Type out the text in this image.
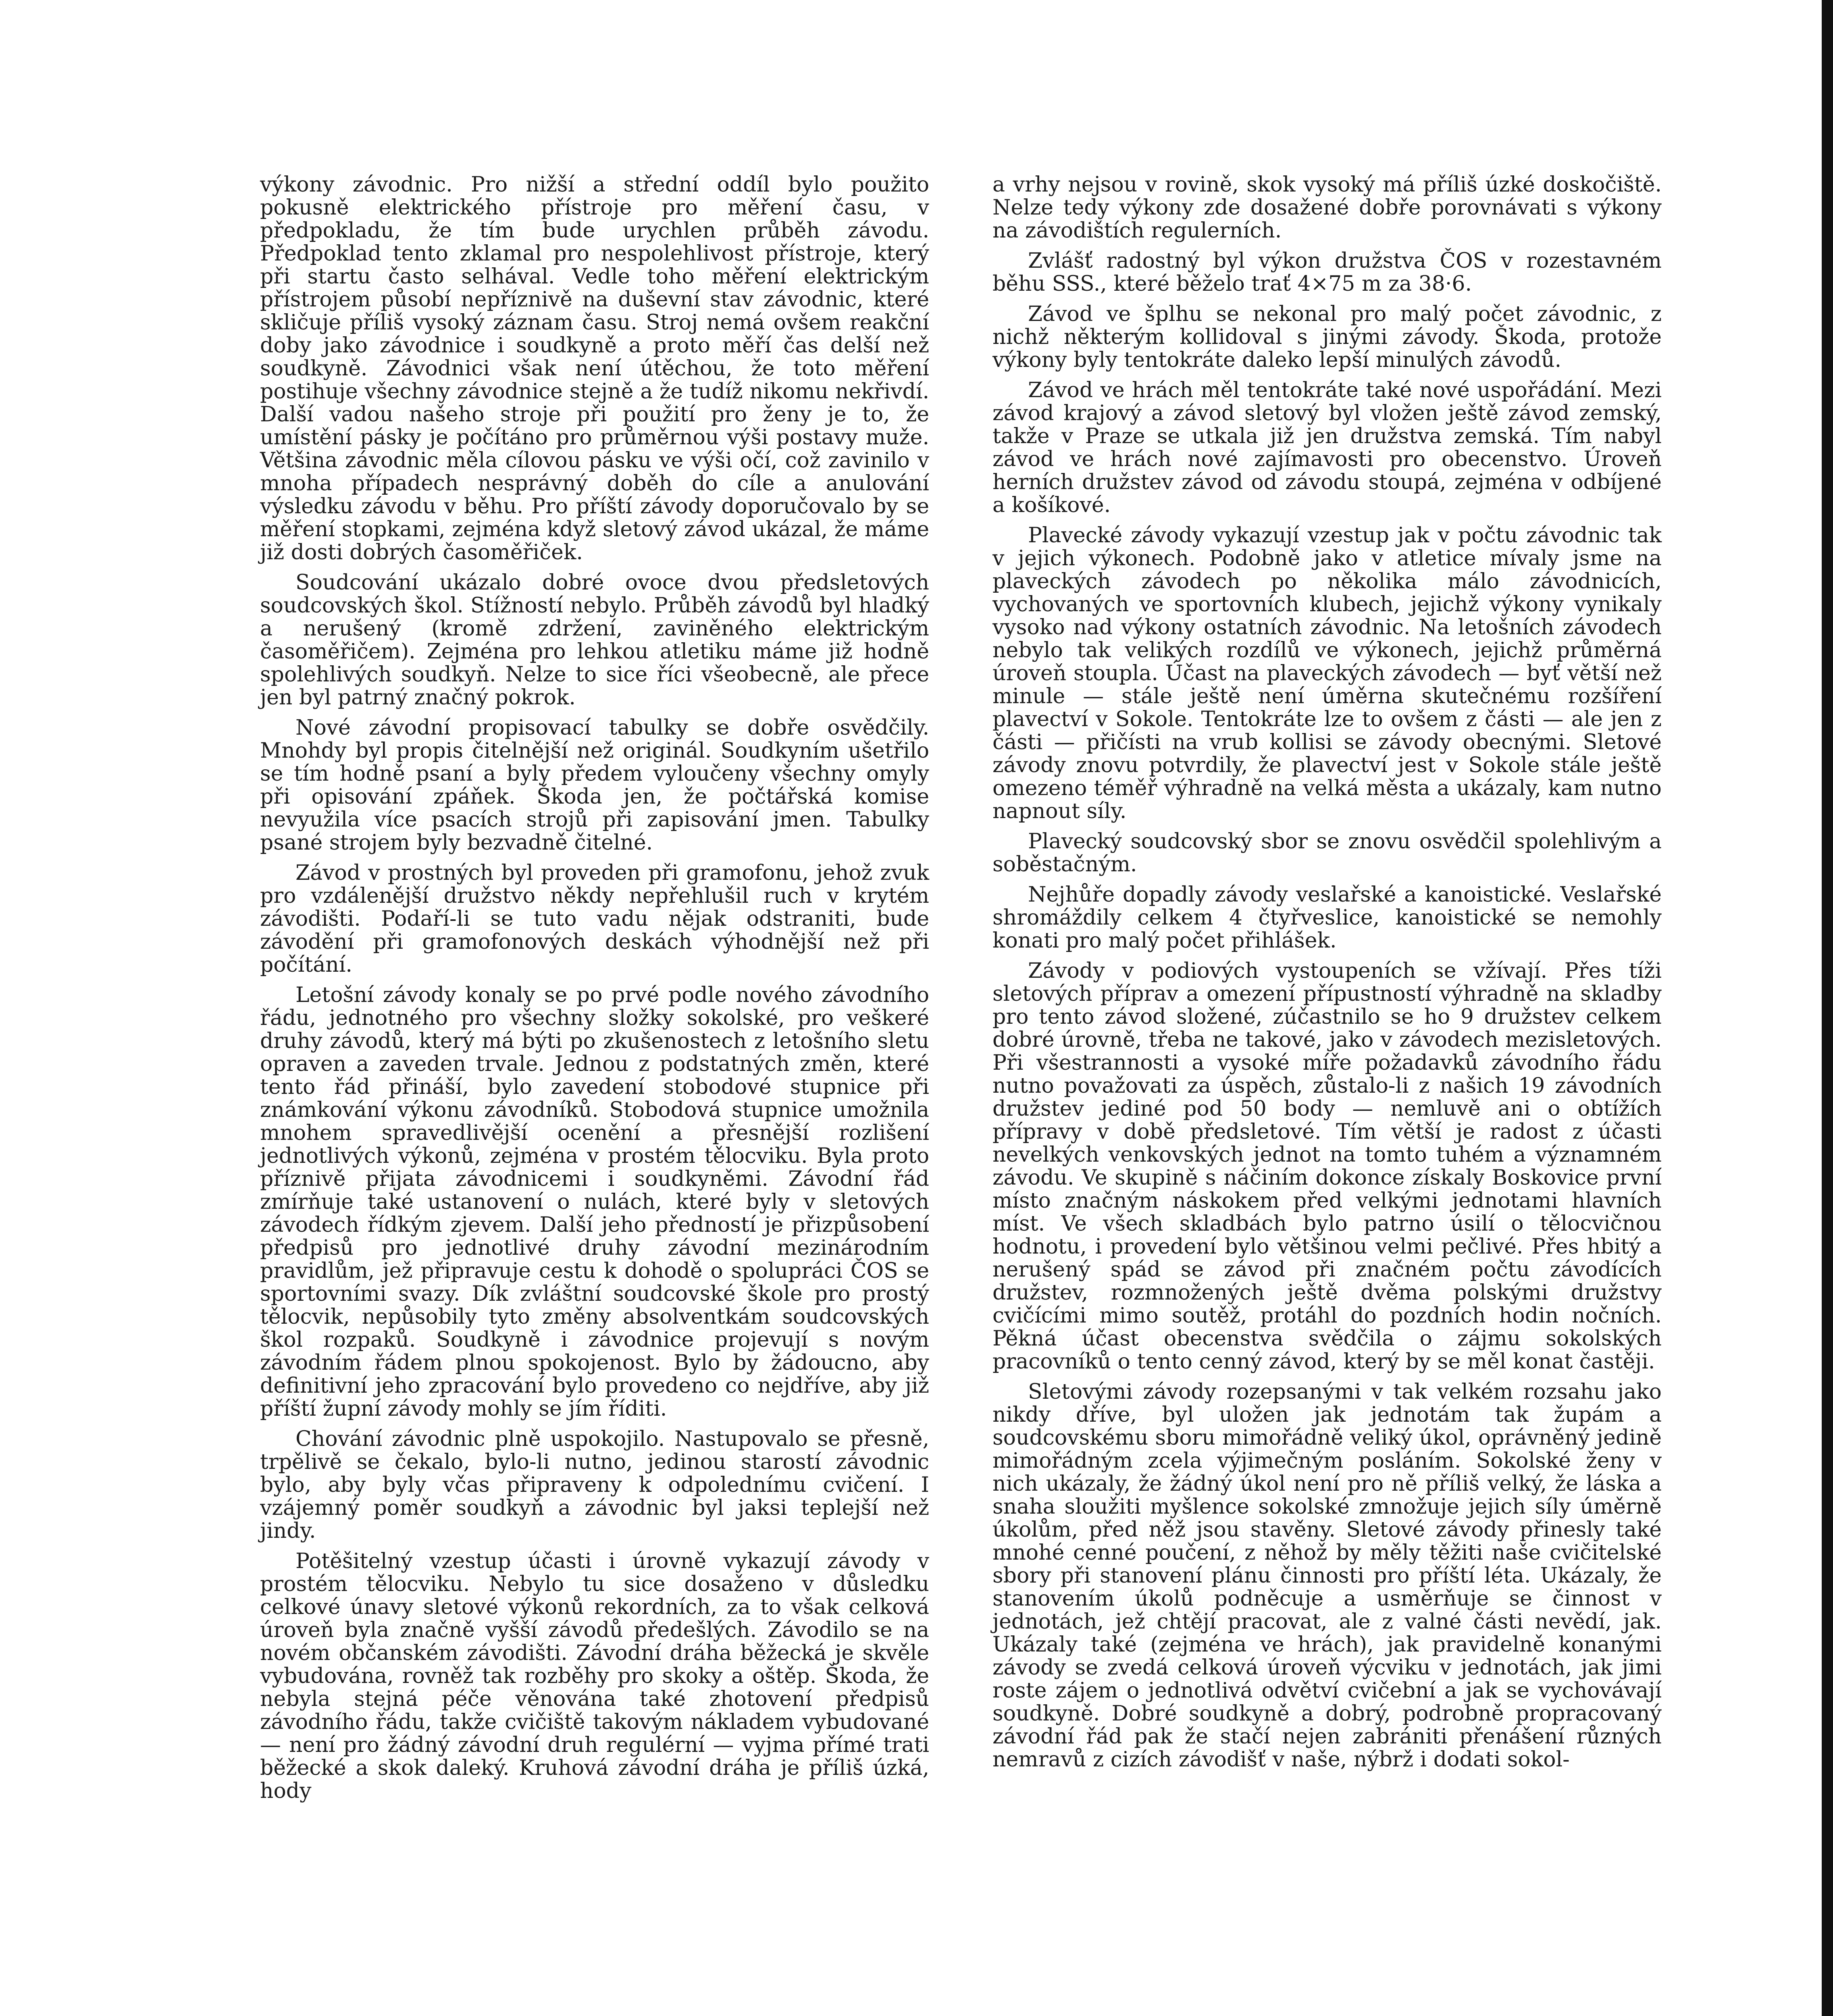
výkony závodnic. Pro nižší a střední oddíl bylo použito pokusně elektrického přístroje pro měření času, v předpokladu, že tím bude urychlen průběh závodu. Předpoklad tento zklamal pro nespolehlivost přístroje, který při startu často selhával. Vedle toho měření elektrickým přístrojem působí nepříznivě na duševní stav závodnic, které skličuje příliš vysoký záznam času. Stroj nemá ovšem reakční doby jako závodnice i soudkyně a proto měří čas delší než soudkyně. Závodnici však není útěchou, že toto měření postihuje všechny závodnice stejně a že tudíž nikomu nekřivdí. Další vadou našeho stroje při použití pro ženy je to, že umístění pásky je počítáno pro průměrnou výši postavy muže. Většina závodnic měla cílovou pásku ve výši očí, což zavinilo v mnoha případech nesprávný doběh do cíle a anulování výsledku závodu v běhu. Pro příští závody doporučovalo by se měření stopkami, zejména když sletový závod ukázal, že máme již dosti dobrých časoměřiček.

Soudcování ukázalo dobré ovoce dvou předsletových soudcovských škol. Stížností nebylo. Průběh závodů byl hladký a nerušený (kromě zdržení, zaviněného elektrickým časoměřičem). Zejména pro lehkou atletiku máme již hodně spolehlivých soudkyň. Nelze to sice říci všeobecně, ale přece jen byl patrný značný pokrok.

Nové závodní propisovací tabulky se dobře osvědčily. Mnohdy byl propis čitelnější než originál. Soudkyním ušetřilo se tím hodně psaní a byly předem vyloučeny všechny omyly při opisování zpáňek. Škoda jen, že počtářská komise nevyužila více psacích strojů při zapisování jmen. Tabulky psané strojem byly bezvadně čitelné.

Závod v prostných byl proveden při gramofonu, jehož zvuk pro vzdálenější družstvo někdy nepřehlušil ruch v krytém závodišti. Podaří-li se tuto vadu nějak odstraniti, bude závodění při gramofonových deskách výhodnější než při počítání.

Letošní závody konaly se po prvé podle nového závodního řádu, jednotného pro všechny složky sokolské, pro veškeré druhy závodů, který má býti po zkušenostech z letošního sletu opraven a zaveden trvale. Jednou z podstatných změn, které tento řád přináší, bylo zavedení stobodové stupnice při známkování výkonu závodníků. Stobodová stupnice umožnila mnohem spravedlivější ocenění a přesnější rozlišení jednotlivých výkonů, zejména v prostém tělocviku. Byla proto příznivě přijata závodnicemi i soudkyněmi. Závodní řád zmírňuje také ustanovení o nulách, které byly v sletových závodech řídkým zjevem. Další jeho předností je přizpůsobení předpisů pro jednotlivé druhy závodní mezinárodním pravidlům, jež připravuje cestu k dohodě o spolupráci ČOS se sportovními svazy. Dík zvláštní soudcovské škole pro prostý tělocvik, nepůsobily tyto změny absolventkám soudcovských škol rozpaků. Soudkyně i závodnice projevují s novým závodním řádem plnou spokojenost. Bylo by žádoucno, aby definitivní jeho zpracování bylo provedeno co nejdříve, aby již příští župní závody mohly se jím říditi.

Chování závodnic plně uspokojilo. Nastupovalo se přesně, trpělivě se čekalo, bylo-li nutno, jedinou starostí závodnic bylo, aby byly včas připraveny k odpolednímu cvičení. I vzájemný poměr soudkyň a závodnic byl jaksi teplejší než jindy.

Potěšitelný vzestup účasti i úrovně vykazují závody v prostém tělocviku. Nebylo tu sice dosaženo v důsledku celkové únavy sletové výkonů rekordních, za to však celková úroveň byla značně vyšší závodů předešlých. Závodilo se na novém občanském závodišti. Závodní dráha běžecká je skvěle vybudována, rovněž tak rozběhy pro skoky a oštěp. Škoda, že nebyla stejná péče věnována také zhotovení předpisů závodního řádu, takže cvičiště takovým nákladem vybudované — není pro žádný závodní druh regulérní — vyjma přímé trati běžecké a skok daleký. Kruhová závodní dráha je příliš úzká, hody

a vrhy nejsou v rovině, skok vysoký má příliš úzké doskočiště. Nelze tedy výkony zde dosažené dobře porovnávati s výkony na závodištích regulerních.

Zvlášť radostný byl výkon družstva ČOS v rozestavném běhu SSS., které běželo trať 4×75 m za 38·6.

Závod ve šplhu se nekonal pro malý počet závodnic, z nichž některým kollidoval s jinými závody. Škoda, protože výkony byly tentokráte daleko lepší minulých závodů.

Závod ve hrách měl tentokráte také nové uspořádání. Mezi závod krajový a závod sletový byl vložen ještě závod zemský, takže v Praze se utkala již jen družstva zemská. Tím nabyl závod ve hrách nové zajímavosti pro obecenstvo. Úroveň herních družstev závod od závodu stoupá, zejména v odbíjené a košíkové.

Plavecké závody vykazují vzestup jak v počtu závodnic tak v jejich výkonech. Podobně jako v atletice mívaly jsme na plaveckých závodech po několika málo závodnicích, vychovaných ve sportovních klubech, jejichž výkony vynikaly vysoko nad výkony ostatních závodnic. Na letošních závodech nebylo tak velikých rozdílů ve výkonech, jejichž průměrná úroveň stoupla. Účast na plaveckých závodech — byť větší než minule — stále ještě není úměrna skutečnému rozšíření plavectví v Sokole. Tentokráte lze to ovšem z části — ale jen z části — přičísti na vrub kollisi se závody obecnými. Sletové závody znovu potvrdily, že plavectví jest v Sokole stále ještě omezeno téměř výhradně na velká města a ukázaly, kam nutno napnout síly.

Plavecký soudcovský sbor se znovu osvědčil spolehlivým a soběstačným.

Nejhůře dopadly závody veslařské a kanoistické. Veslařské shromáždily celkem 4 čtyřveslice, kanoistické se nemohly konati pro malý počet přihlášek.

Závody v podiových vystoupeních se vžívají. Přes tíži sletových příprav a omezení přípustností výhradně na skladby pro tento závod složené, zúčastnilo se ho 9 družstev celkem dobré úrovně, třeba ne takové, jako v závodech mezisletových. Při všestrannosti a vysoké míře požadavků závodního řádu nutno považovati za úspěch, zůstalo-li z našich 19 závodních družstev jediné pod 50 body — nemluvě ani o obtížích přípravy v době předsletové. Tím větší je radost z účasti nevelkých venkovských jednot na tomto tuhém a významném závodu. Ve skupině s náčiním dokonce získaly Boskovice první místo značným náskokem před velkými jednotami hlavních míst. Ve všech skladbách bylo patrno úsilí o tělocvičnou hodnotu, i provedení bylo většinou velmi pečlivé. Přes hbitý a nerušený spád se závod při značném počtu závodících družstev, rozmnožených ještě dvěma polskými družstvy cvičícími mimo soutěž, protáhl do pozdních hodin nočních. Pěkná účast obecenstva svědčila o zájmu sokolských pracovníků o tento cenný závod, který by se měl konat častěji.

Sletovými závody rozepsanými v tak velkém rozsahu jako nikdy dříve, byl uložen jak jednotám tak župám a soudcovskému sboru mimořádně veliký úkol, oprávněný jedině mimořádným zcela výjimečným posláním. Sokolské ženy v nich ukázaly, že žádný úkol není pro ně příliš velký, že láska a snaha sloužiti myšlence sokolské zmnožuje jejich síly úměrně úkolům, před něž jsou stavěny. Sletové závody přinesly také mnohé cenné poučení, z něhož by měly těžiti naše cvičitelské sbory při stanovení plánu činnosti pro příští léta. Ukázaly, že stanovením úkolů podněcuje a usměrňuje se činnost v jednotách, jež chtějí pracovat, ale z valné části nevědí, jak. Ukázaly také (zejména ve hrách), jak pravidelně konanými závody se zvedá celková úroveň výcviku v jednotách, jak jimi roste zájem o jednotlivá odvětví cvičební a jak se vychovávají soudkyně. Dobré soudkyně a dobrý, podrobně propracovaný závodní řád pak že stačí nejen zabrániti přenášení různých nemravů z cizích závodišť v naše, nýbrž i dodati sokol-
